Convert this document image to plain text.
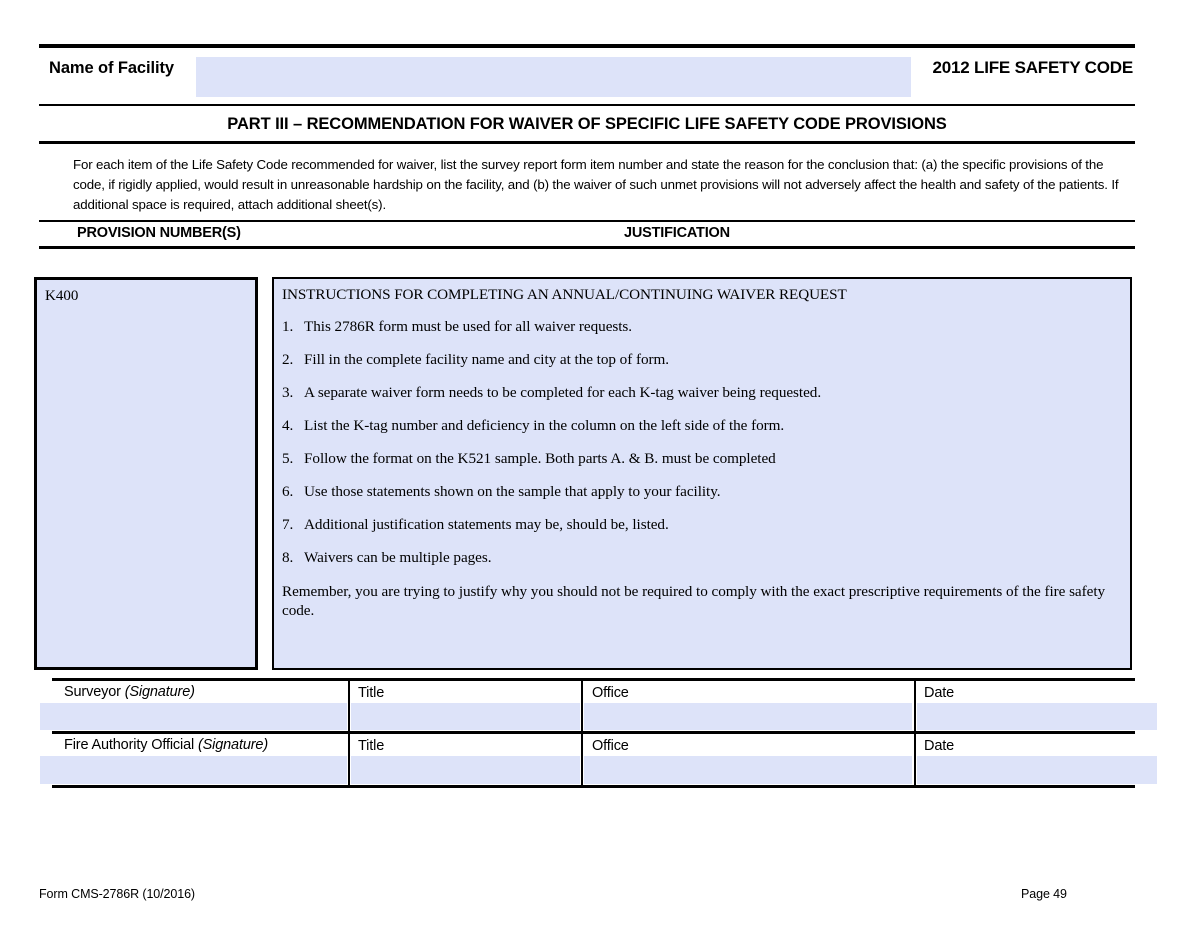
Name of Facility	2012 LIFE SAFETY CODE
PART III – RECOMMENDATION FOR WAIVER OF SPECIFIC LIFE SAFETY CODE PROVISIONS
For each item of the Life Safety Code recommended for waiver, list the survey report form item number and state the reason for the conclusion that: (a) the specific provisions of the code, if rigidly applied, would result in unreasonable hardship on the facility, and (b) the waiver of such unmet provisions will not adversely affect the health and safety of the patients. If additional space is required, attach additional sheet(s).
PROVISION NUMBER(S)	JUSTIFICATION
K400

INSTRUCTIONS FOR COMPLETING AN ANNUAL/CONTINUING WAIVER REQUEST

1. This 2786R form must be used for all waiver requests.
2. Fill in the complete facility name and city at the top of form.
3. A separate waiver form needs to be completed for each K-tag waiver being requested.
4. List the K-tag number and deficiency in the column on the left side of the form.
5. Follow the format on the K521 sample. Both parts A. & B. must be completed
6. Use those statements shown on the sample that apply to your facility.
7. Additional justification statements may be, should be, listed.
8. Waivers can be multiple pages.

Remember, you are trying to justify why you should not be required to comply with the exact prescriptive requirements of the fire safety code.

Surveyor (Signature)	Title	Office	Date
Fire Authority Official (Signature)	Title	Office	Date
Form CMS-2786R (10/2016)	Page 49
